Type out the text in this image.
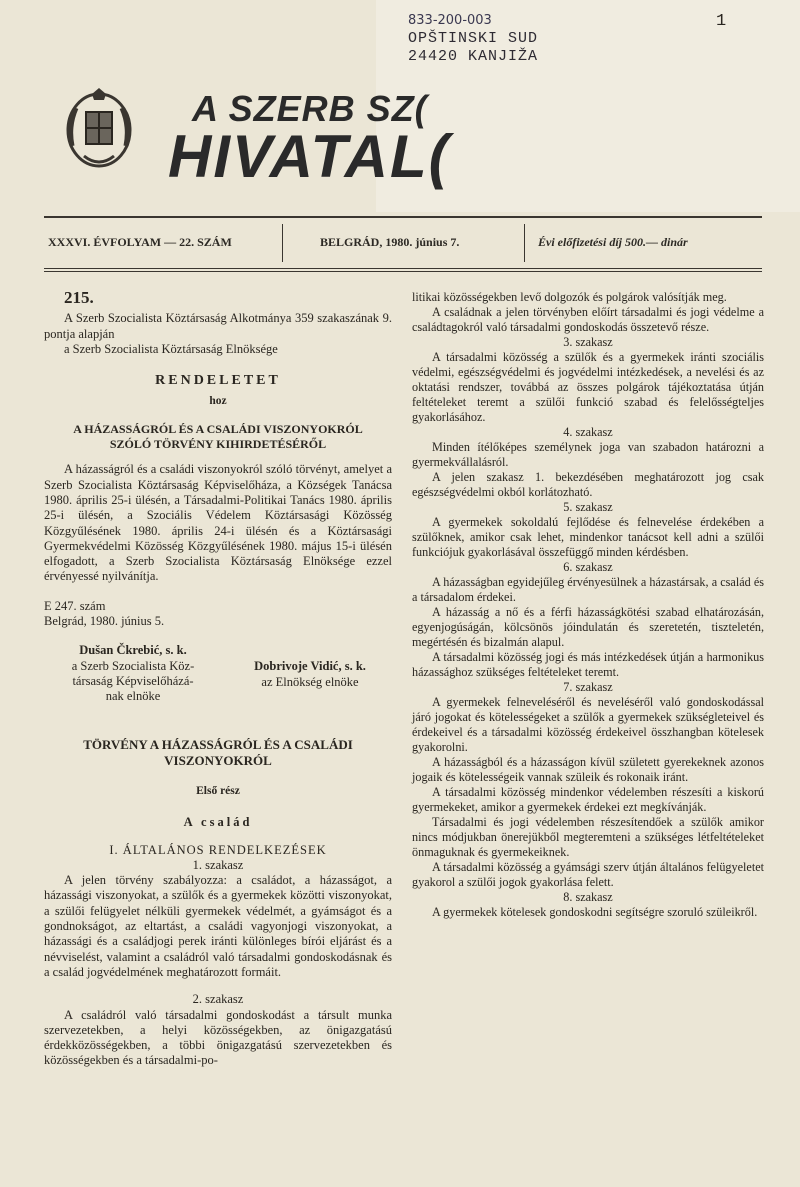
833-200-003
OPŠTINSKI SUD
24420 KANJIŽA
1
A SZERB SZ(
HIVATAL(
XXXVI. ÉVFOLYAM — 22. SZÁM	BELGRÁD, 1980. június 7.	Évi előfizetési díj 500.— dinár

215.

A Szerb Szocialista Köztársaság Alkotmánya 359 szakaszának 9. pontja alapján

a Szerb Szocialista Köztársaság Elnöksége

RENDELETET

hoz

A HÁZASSÁGRÓL ÉS A CSALÁDI VISZONYOKRÓL SZÓLÓ TÖRVÉNY KIHIRDETÉSÉRŐL

A házasságról és a családi viszonyokról szóló törvényt, amelyet a Szerb Szocialista Köztársaság Képviselőháza, a Községek Tanácsa 1980. április 25-i ülésén, a Társadalmi-Politikai Tanács 1980. április 25-i ülésén, a Szociális Védelem Köztársasági Közösség Közgyűlésének 1980. április 24-i ülésén és a Köztársasági Gyermekvédelmi Közösség Közgyűlésének 1980. május 15-i ülésén elfogadott, a Szerb Szocialista Köztársaság Elnöksége ezzel érvényessé nyilvánítja.

E 247. szám

Belgrád, 1980. június 5.

Dušan Čkrebić, s. k.
a Szerb Szocialista Köz-
társaság Képviselőházá-
nak elnöke
Dobrivoje Vidić, s. k.
az Elnökség elnöke

TÖRVÉNY A HÁZASSÁGRÓL ÉS A CSALÁDI VISZONYOKRÓL

Első rész

A család

I. ÁLTALÁNOS RENDELKEZÉSEK

1. szakasz

A jelen törvény szabályozza: a családot, a házasságot, a házassági viszonyokat, a szülők és a gyermekek közötti viszonyokat, a szülői felügyelet nélküli gyermekek védelmét, a gyámságot és a gondnokságot, az eltartást, a családi vagyonjogi viszonyokat, a házassági és a családjogi perek iránti különleges bírói eljárást és a névviselést, valamint a családról való társadalmi gondoskodásnak és a család jogvédelmének meghatározott formáit.

2. szakasz

A családról való társadalmi gondoskodást a társult munka szervezetekben, a helyi közösségekben, az önigazgatású érdekközösségekben, a többi önigazgatású szervezetekben és közösségekben és a társadalmi-po-

litikai közösségekben levő dolgozók és polgárok valósítják meg.

A családnak a jelen törvényben előírt társadalmi és jogi védelme a családtagokról való társadalmi gondoskodás összetevő része.

3. szakasz

A társadalmi közösség a szülők és a gyermekek iránti szociális védelmi, egészségvédelmi és jogvédelmi intézkedések, a nevelési és az oktatási rendszer, továbbá az összes polgárok tájékoztatása útján feltételeket teremt a szülői funkció szabad és felelősségteljes gyakorlásához.

4. szakasz

Minden ítélőképes személynek joga van szabadon határozni a gyermekvállalásról.

A jelen szakasz 1. bekezdésében meghatározott jog csak egészségvédelmi okból korlátozható.

5. szakasz

A gyermekek sokoldalú fejlődése és felnevelése érdekében a szülőknek, amikor csak lehet, mindenkor tanácsot kell adni a szülői funkciójuk gyakorlásával összefüggő minden kérdésben.

6. szakasz

A házasságban egyidejűleg érvényesülnek a házastársak, a család és a társadalom érdekei.

A házasság a nő és a férfi házasságkötési szabad elhatározásán, egyenjogúságán, kölcsönös jóindulatán és szeretetén, tiszteletén, megértésén és bizalmán alapul.

A társadalmi közösség jogi és más intézkedések útján a harmonikus házassághoz szükséges feltételeket teremt.

7. szakasz

A gyermekek felneveléséről és neveléséről való gondoskodással járó jogokat és kötelességeket a szülők a gyermekek szükségleteivel és érdekeivel és a társadalmi közösség érdekeivel összhangban kötelesek gyakorolni.

A házasságból és a házasságon kívül született gyerekeknek azonos jogaik és kötelességeik vannak szüleik és rokonaik iránt.

A társadalmi közösség mindenkor védelemben részesíti a kiskorú gyermekeket, amikor a gyermekek érdekei ezt megkívánják.

Társadalmi és jogi védelemben részesítendőek a szülők amikor nincs módjukban önerejükből megteremteni a szükséges létfeltételeket önmaguknak és gyermekeiknek.

A társadalmi közösség a gyámsági szerv útján általános felügyeletet gyakorol a szülői jogok gyakorlása felett.

8. szakasz

A gyermekek kötelesek gondoskodni segítségre szoruló szüleikről.
